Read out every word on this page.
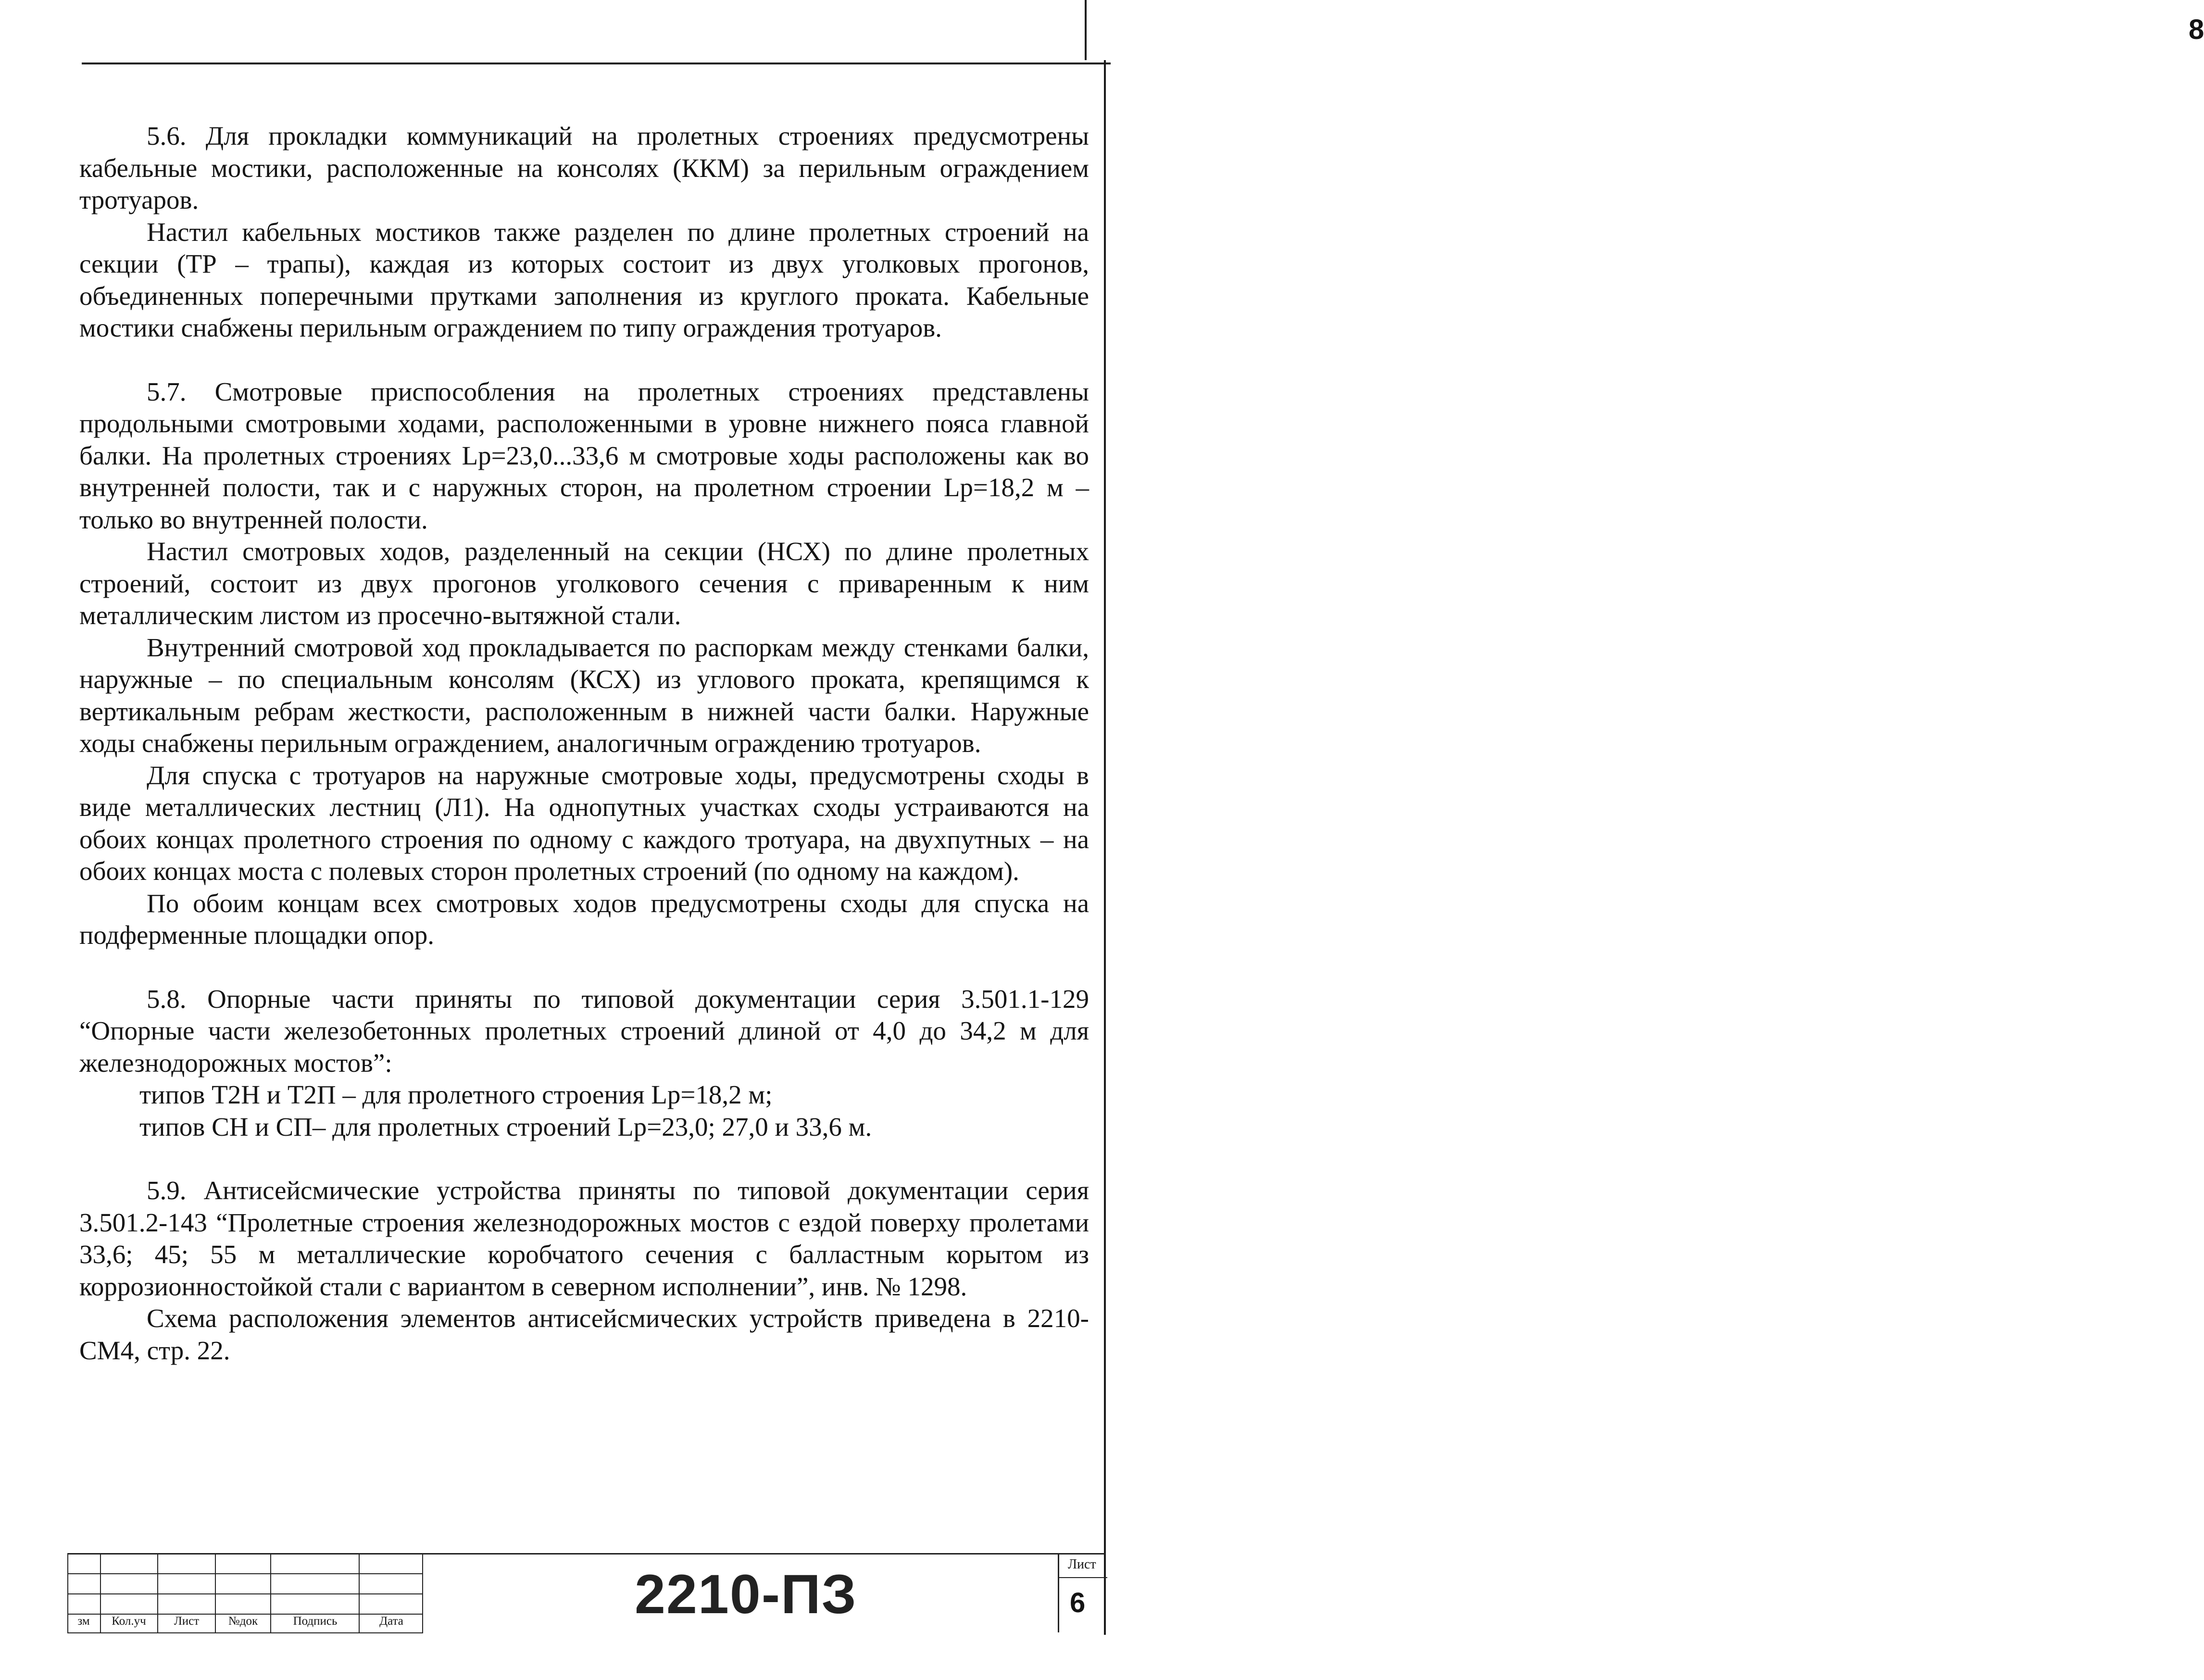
8

5.6. Для прокладки коммуникаций на пролетных строениях предусмотрены кабельные мостики, расположенные на консолях (ККМ) за перильным ограждением тротуаров.

Настил кабельных мостиков также разделен по длине пролетных строений на секции (ТР – трапы), каждая из которых состоит из двух уголковых прогонов, объединенных поперечными прутками заполнения из круглого проката. Кабельные мостики снабжены перильным ограждением по типу ограждения тротуаров.

5.7. Смотровые приспособления на пролетных строениях представлены продольными смотровыми ходами, расположенными в уровне нижнего пояса главной балки. На пролетных строениях Lp=23,0...33,6 м смотровые ходы расположены как во внутренней полости, так и с наружных сторон, на пролетном строении Lp=18,2 м – только во внутренней полости.

Настил смотровых ходов, разделенный на секции (НСХ) по длине пролетных строений, состоит из двух прогонов уголкового сечения с приваренным к ним металлическим листом из просечно-вытяжной стали.

Внутренний смотровой ход прокладывается по распоркам между стенками балки, наружные – по специальным консолям (КСХ) из углового проката, крепящимся к вертикальным ребрам жесткости, расположенным в нижней части балки. Наружные ходы снабжены перильным ограждением, аналогичным ограждению тротуаров.

Для спуска с тротуаров на наружные смотровые ходы, предусмотрены сходы в виде металлических лестниц (Л1). На однопутных участках сходы устраиваются на обоих концах пролетного строения по одному с каждого тротуара, на двухпутных – на обоих концах моста с полевых сторон пролетных строений (по одному на каждом).

По обоим концам всех смотровых ходов предусмотрены сходы для спуска на подферменные площадки опор.

5.8. Опорные части приняты по типовой документации серия 3.501.1-129 “Опорные части железобетонных пролетных строений длиной от 4,0 до 34,2 м для железнодорожных мостов”:

типов Т2Н и Т2П – для пролетного строения Lp=18,2 м;

типов СН и СП– для пролетных строений Lp=23,0; 27,0 и 33,6 м.

5.9. Антисейсмические устройства приняты по типовой документации серия 3.501.2-143 “Пролетные строения железнодорожных мостов с ездой поверху пролетами 33,6; 45; 55 м металлические коробчатого сечения с балластным корытом из коррозионностойкой стали с вариантом в северном исполнении”, инв. № 1298.

Схема расположения элементов антисейсмических устройств приведена в 2210-СМ4, стр. 22.

зм	Кол.уч	Лист	№док	Подпись	Дата	2210-ПЗ	Лист
6
